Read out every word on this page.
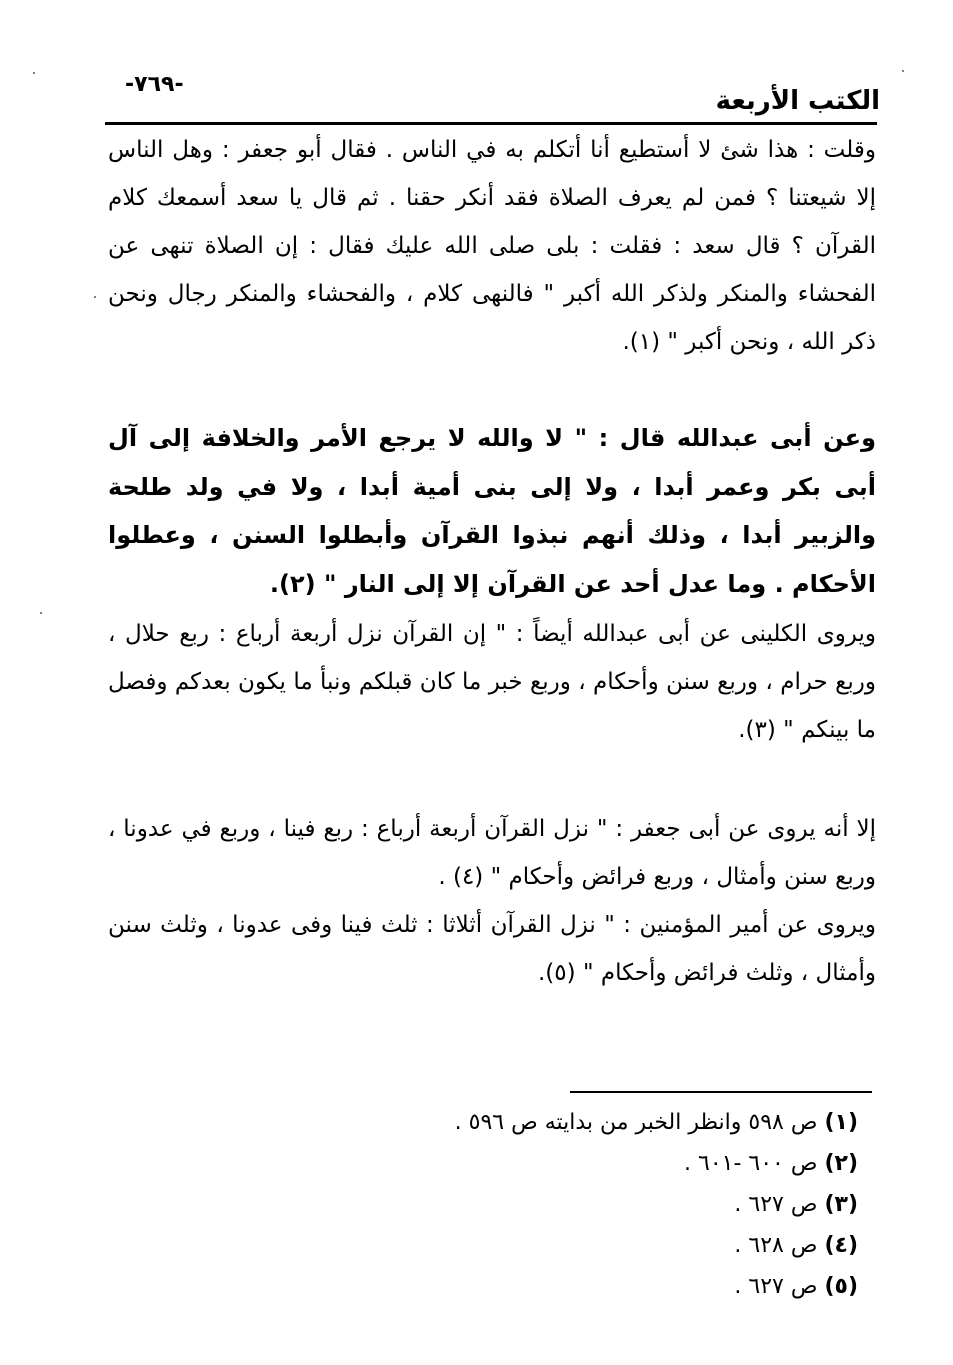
الكتب الأربعة
-٧٦٩-
وقلت : هذا شئ لا أستطيع أنا أتكلم به في الناس . فقال أبو جعفر : وهل الناس إلا شيعتنا ؟ فمن لم يعرف الصلاة فقد أنكر حقنا . ثم قال يا سعد أسمعك كلام القرآن ؟ قال سعد : فقلت : بلى صلى الله عليك فقال : إن الصلاة تنهى عن الفحشاء والمنكر ولذكر الله أكبر " فالنهى كلام ، والفحشاء والمنكر رجال ونحن ذكر الله ، ونحن أكبر " (١).
وعن أبى عبدالله قال : " لا والله لا يرجع الأمر والخلافة إلى آل أبى بكر وعمر أبدا ، ولا إلى بنى أمية أبدا ، ولا في ولد طلحة والزبير أبدا ، وذلك أنهم نبذوا القرآن وأبطلوا السنن ، وعطلوا الأحكام . وما عدل أحد عن القرآن إلا إلى النار " (٢).
ويروى الكلينى عن أبى عبدالله أيضاً : " إن القرآن نزل أربعة أرباع : ربع حلال ، وربع حرام ، وربع سنن وأحكام ، وربع خبر ما كان قبلكم ونبأ ما يكون بعدكم وفصل ما بينكم " (٣).
إلا أنه يروى عن أبى جعفر : " نزل القرآن أربعة أرباع : ربع فينا ، وربع في عدونا ، وربع سنن وأمثال ، وربع فرائض وأحكام " (٤) .
ويروى عن أمير المؤمنين : " نزل القرآن أثلاثا : ثلث فينا وفى عدونا ، وثلث سنن وأمثال ، وثلث فرائض وأحكام " (٥).
(١) ص ٥٩٨ وانظر الخبر من بدايته ص ٥٩٦ .
(٢) ص ٦٠٠ -٦٠١ .
(٣) ص ٦٢٧ .
(٤) ص ٦٢٨ .
(٥) ص ٦٢٧ .
